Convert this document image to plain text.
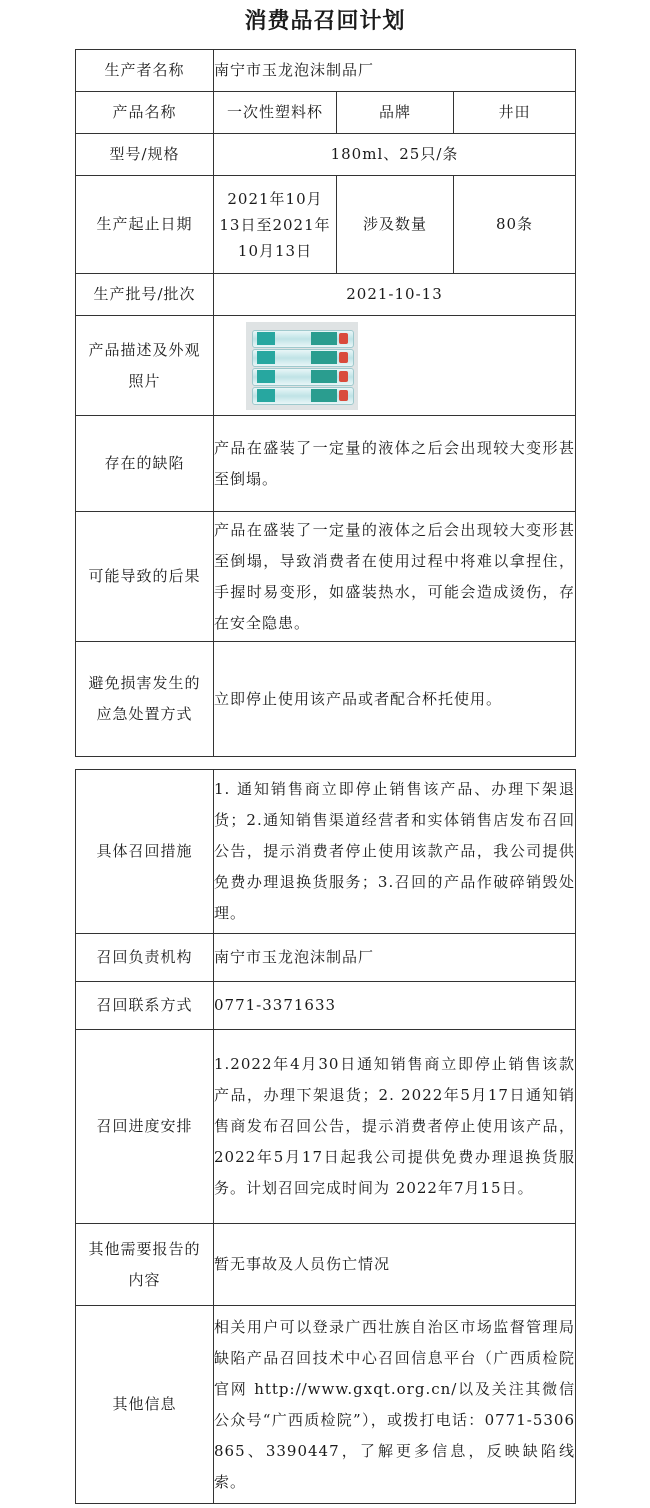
消费品召回计划
生产者名称	南宁市玉龙泡沫制品厂		
产品名称	一次性塑料杯	品牌	井田
型号/规格	180ml、25只/条		
生产起止日期	2021年10月
13日至2021年
10月13日	涉及数量	80条
生产批号/批次	2021-10-13		

产品描述及外观
照片			

存在的缺陷	产品在盛装了一定量的液体之后会出现较大变形甚至倒塌。		
可能导致的后果	产品在盛装了一定量的液体之后会出现较大变形甚至倒塌，导致消费者在使用过程中将难以拿捏住，手握时易变形，如盛装热水，可能会造成烫伤，存在安全隐患。		

避免损害发生的
应急处置方式	立即停止使用该产品或者配合杯托使用。		
具体召回措施	1. 通知销售商立即停止销售该产品、办理下架退货；2.通知销售渠道经营者和实体销售店发布召回公告，提示消费者停止使用该款产品，我公司提供免费办理退换货服务；3.召回的产品作破碎销毁处理。
召回负责机构	南宁市玉龙泡沫制品厂
召回联系方式	0771-3371633
召回进度安排	1.2022年4月30日通知销售商立即停止销售该款产品，办理下架退货；2. 2022年5月17日通知销售商发布召回公告，提示消费者停止使用该产品，2022年5月17日起我公司提供免费办理退换货服务。计划召回完成时间为 2022年7月15日。

其他需要报告的
内容	暂无事故及人员伤亡情况
其他信息	相关用户可以登录广西壮族自治区市场监督管理局缺陷产品召回技术中心召回信息平台（广西质检院官网 http://www.gxqt.org.cn/以及关注其微信公众号“广西质检院”），或拨打电话：0771-5306865、3390447，了解更多信息，反映缺陷线索。
